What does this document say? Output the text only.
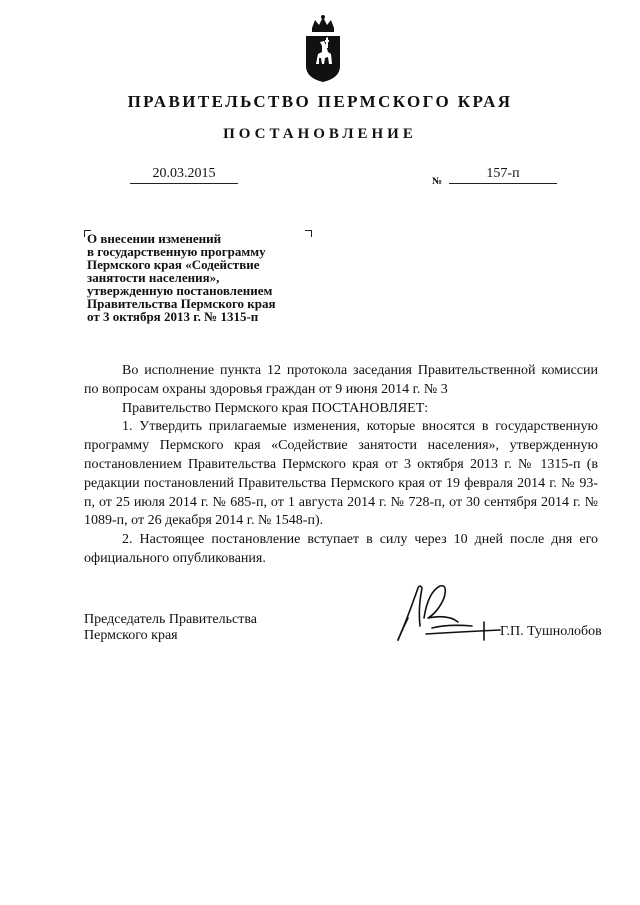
ПРАВИТЕЛЬСТВО ПЕРМСКОГО КРАЯ
ПОСТАНОВЛЕНИЕ
20.03.2015
№
157-п
О внесении изменений
в государственную программу
Пермского края «Содействие
занятости населения»,
утвержденную постановлением
Правительства Пермского края
от 3 октября 2013 г. № 1315-п

Во исполнение пункта 12 протокола заседания Правительственной комиссии по вопросам охраны здоровья граждан от 9 июня 2014 г. № 3

Правительство Пермского края ПОСТАНОВЛЯЕТ:

1. Утвердить прилагаемые изменения, которые вносятся в государственную программу Пермского края «Содействие занятости населения», утвержденную постановлением Правительства Пермского края от 3 октября 2013 г. № 1315-п (в редакции постановлений Правительства Пермского края от 19 февраля 2014 г. № 93-п, от 25 июля 2014 г. № 685-п, от 1 августа 2014 г. № 728-п, от 30 сентября 2014 г. № 1089-п, от 26 декабря 2014 г. № 1548-п).

2. Настоящее постановление вступает в силу через 10 дней после дня его официального опубликования.

Председатель Правительства
Пермского края	Г.П. Тушнолобов
